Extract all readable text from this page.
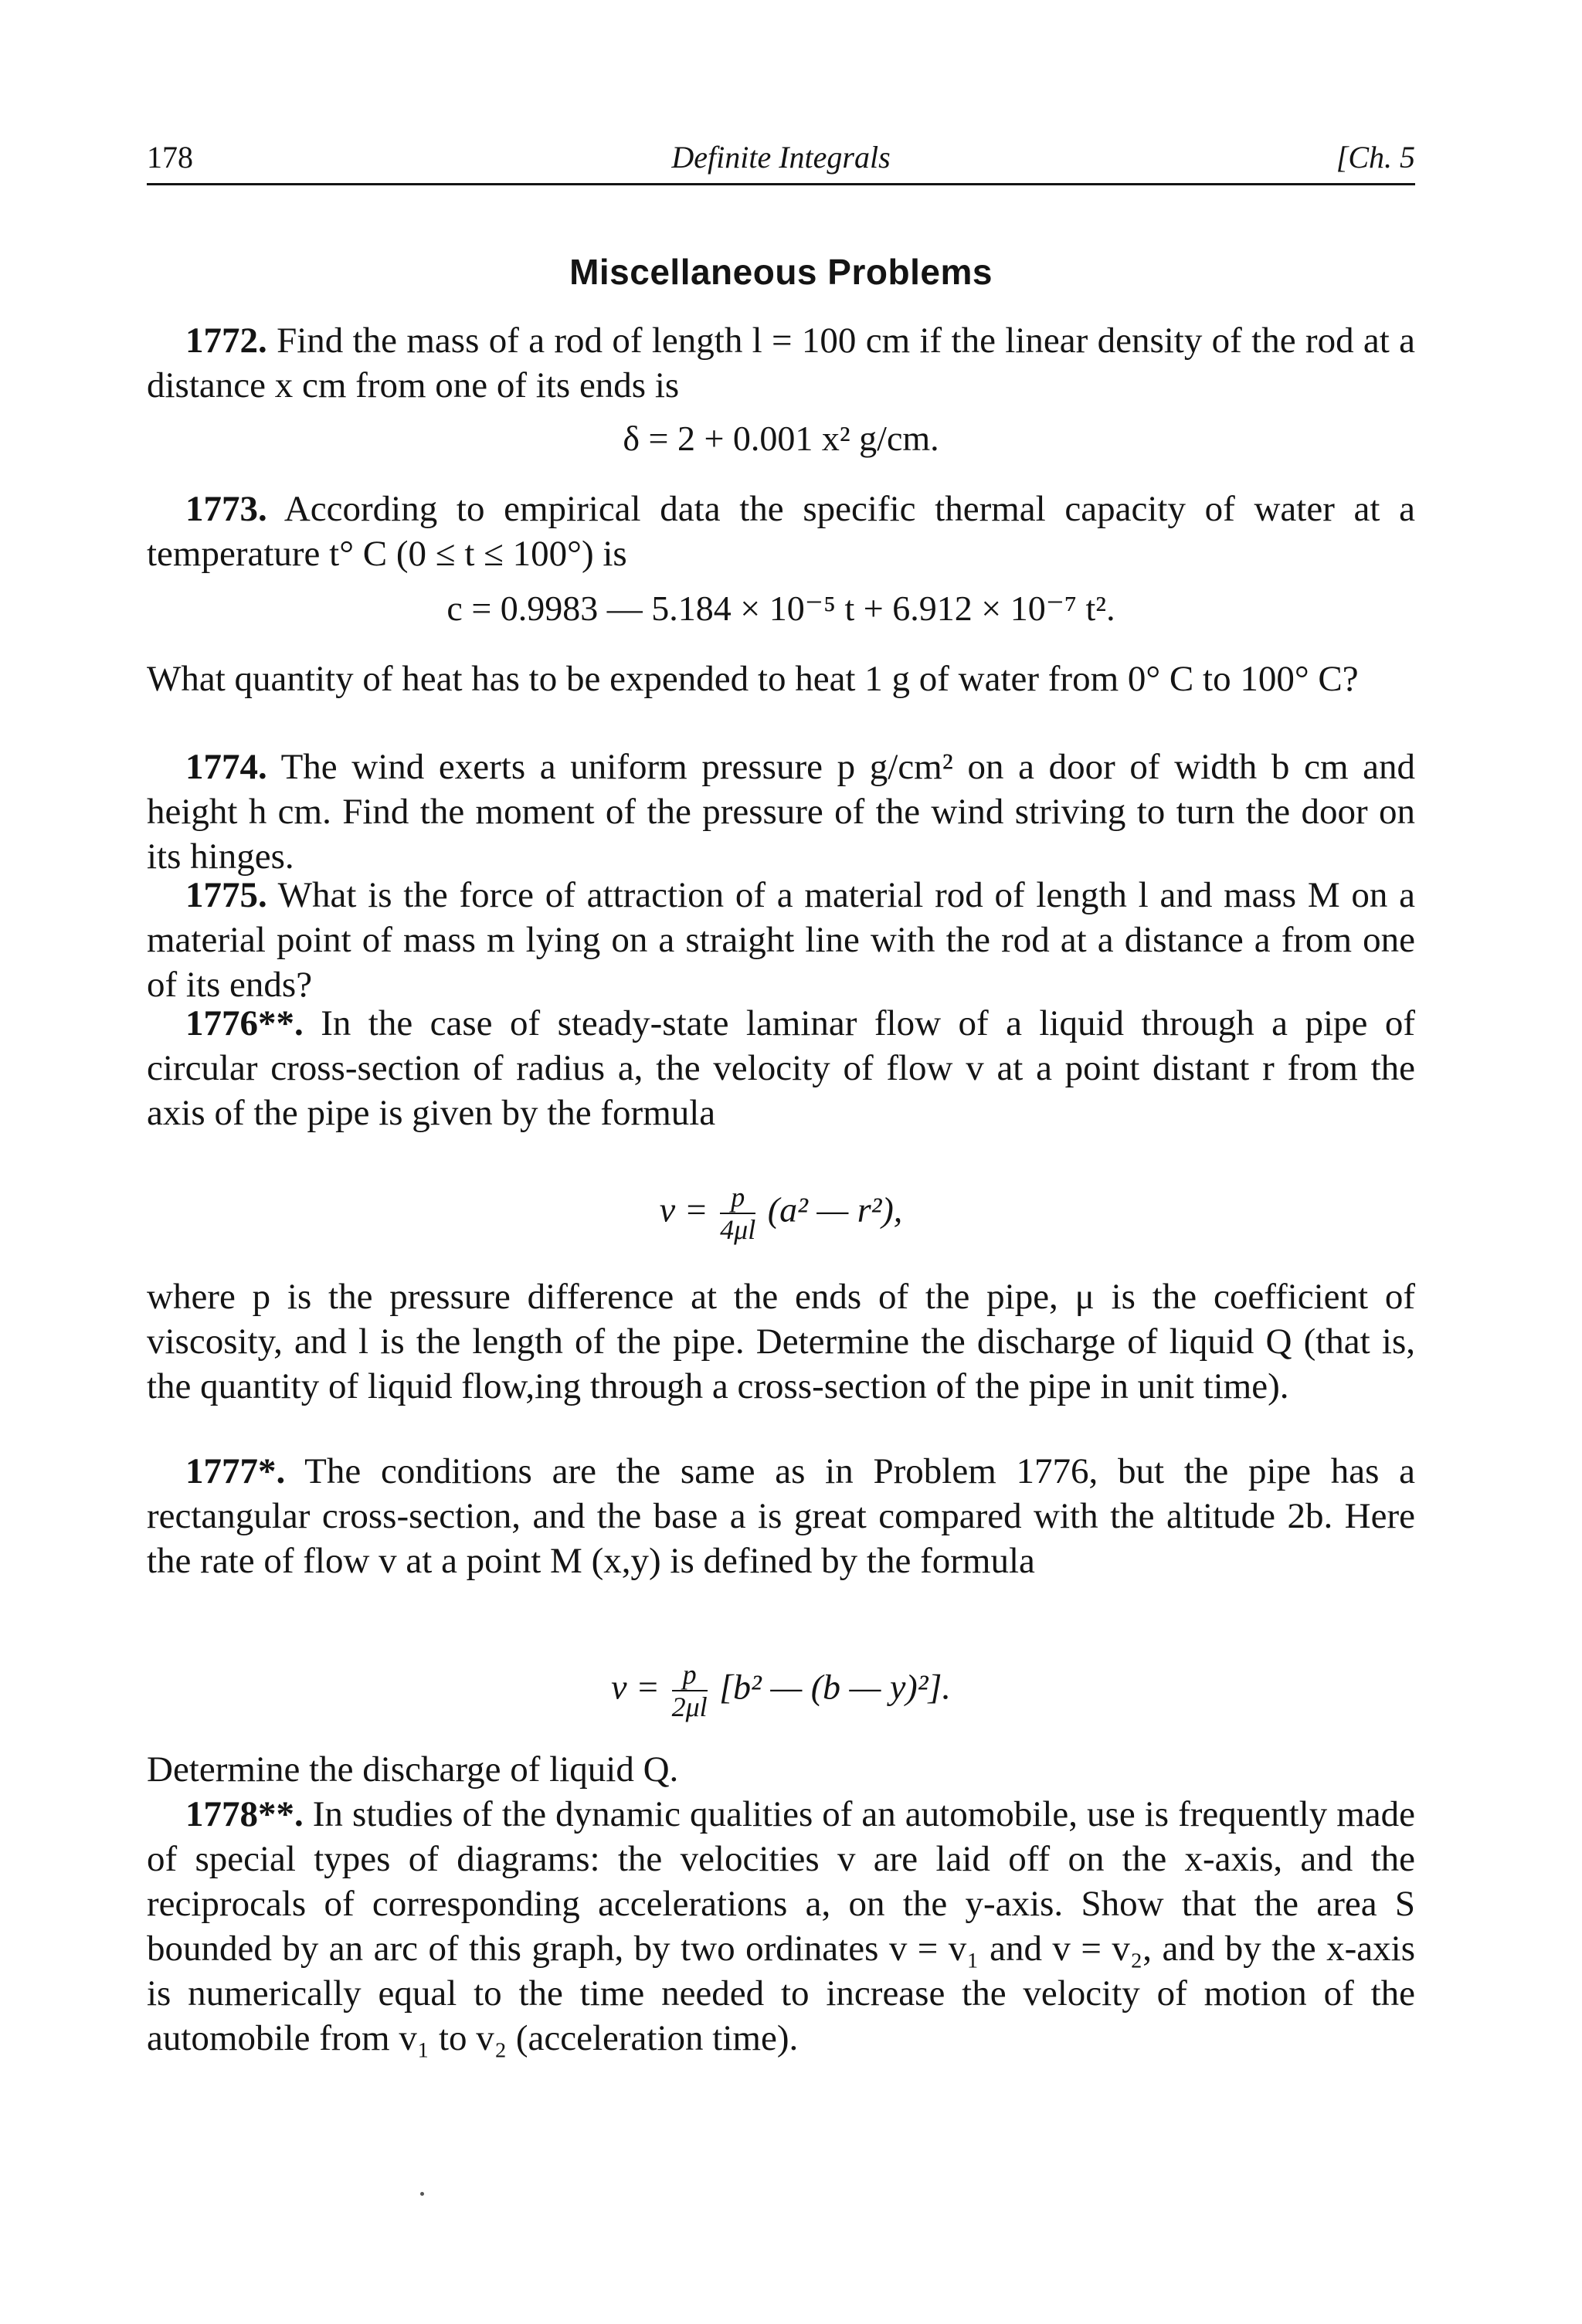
178	Definite Integrals	[Ch. 5
Miscellaneous Problems

1772. Find the mass of a rod of length l = 100 cm if the linear density of the rod at a distance x cm from one of its ends is

δ = 2 + 0.001 x² g/cm.

1773. According to empirical data the specific thermal capacity of water at a temperature t° C (0 ≤ t ≤ 100°) is

c = 0.9983 — 5.184 × 10⁻⁵ t + 6.912 × 10⁻⁷ t².

What quantity of heat has to be expended to heat 1 g of water from 0° C to 100° C?

1774. The wind exerts a uniform pressure p g/cm² on a door of width b cm and height h cm. Find the moment of the pressure of the wind striving to turn the door on its hinges.

1775. What is the force of attraction of a material rod of length l and mass M on a material point of mass m lying on a straight line with the rod at a distance a from one of its ends?

1776**. In the case of steady-state laminar flow of a liquid through a pipe of circular cross-section of radius a, the velocity of flow v at a point distant r from the axis of the pipe is given by the formula

$v = \frac{p}{4\mu l} (a^2$ — r²),

where p is the pressure difference at the ends of the pipe, μ is the coefficient of viscosity, and l is the length of the pipe. Determine the discharge of liquid Q (that is, the quantity of liquid flow,ing through a cross-section of the pipe in unit time).

1777*. The conditions are the same as in Problem 1776, but the pipe has a rectangular cross-section, and the base a is great compared with the altitude 2b. Here the rate of flow v at a point M (x,y) is defined by the formula

$v = \frac{p}{2\mu l} [b^2$ — (b — y)²].

Determine the discharge of liquid Q.

1778**. In studies of the dynamic qualities of an automobile, use is frequently made of special types of diagrams: the velocities v are laid off on the x-axis, and the reciprocals of corresponding accelerations a, on the y-axis. Show that the area S bounded by an arc of this graph, by two ordinates v = v₁ and v = v₂, and by the x-axis is numerically equal to the time needed to increase the velocity of motion of the automobile from v₁ to v₂ (acceleration time).
